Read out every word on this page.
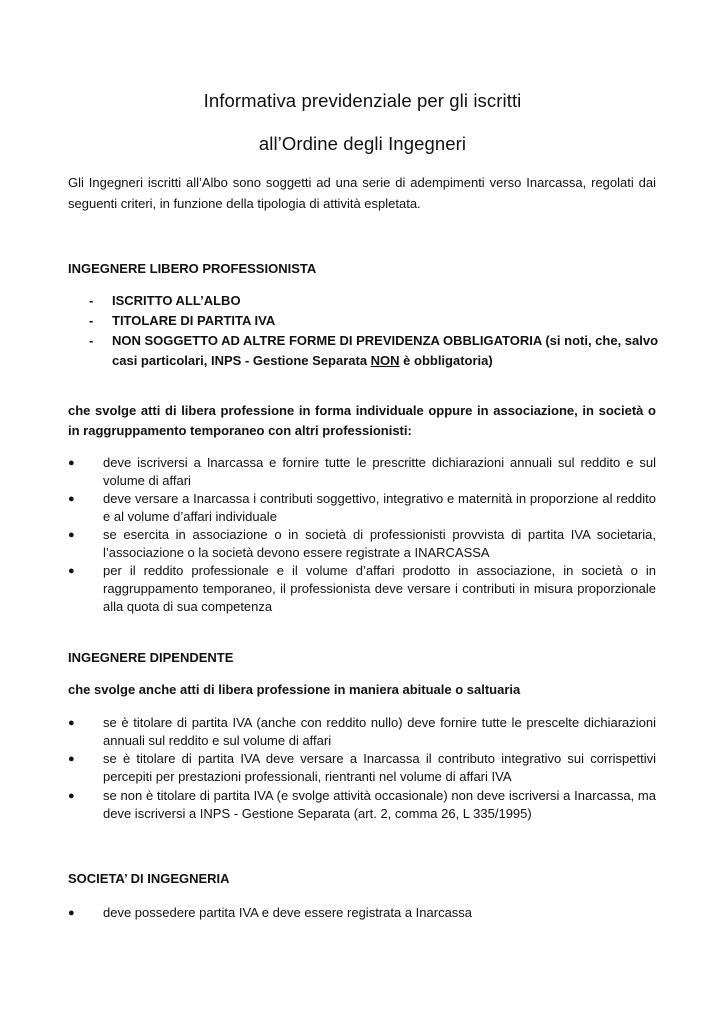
Informativa previdenziale per gli iscritti
all’Ordine degli Ingegneri
Gli Ingegneri iscritti all’Albo sono soggetti ad una serie di adempimenti verso Inarcassa, regolati dai seguenti criteri, in funzione della tipologia di attività espletata.
INGEGNERE LIBERO PROFESSIONISTA
- ISCRITTO ALL’ALBO
- TITOLARE DI PARTITA IVA
- NON SOGGETTO AD ALTRE FORME DI PREVIDENZA OBBLIGATORIA (si noti, che, salvo casi particolari, INPS - Gestione Separata NON è obbligatoria)
che svolge atti di libera professione in forma individuale oppure in associazione, in società o in raggruppamento temporaneo con altri professionisti:
● deve iscriversi a Inarcassa e fornire tutte le prescritte dichiarazioni annuali sul reddito e sul volume di affari
● deve versare a Inarcassa i contributi soggettivo, integrativo e maternità in proporzione al reddito e al volume d’affari individuale
● se esercita in associazione o in società di professionisti provvista di partita IVA societaria, l’associazione o la società devono essere registrate a INARCASSA
● per il reddito professionale e il volume d’affari prodotto in associazione, in società o in raggruppamento temporaneo, il professionista deve versare i contributi in misura proporzionale alla quota di sua competenza
INGEGNERE DIPENDENTE
che svolge anche atti di libera professione in maniera abituale o saltuaria
● se è titolare di partita IVA (anche con reddito nullo) deve fornire tutte le prescelte dichiarazioni annuali sul reddito e sul volume di affari
● se è titolare di partita IVA deve versare a Inarcassa il contributo integrativo sui corrispettivi percepiti per prestazioni professionali, rientranti nel volume di affari IVA
● se non è titolare di partita IVA (e svolge attività occasionale) non deve iscriversi a Inarcassa, ma deve iscriversi a INPS - Gestione Separata (art. 2, comma 26, L 335/1995)
SOCIETA’ DI INGEGNERIA
● deve possedere partita IVA e deve essere registrata a Inarcassa
